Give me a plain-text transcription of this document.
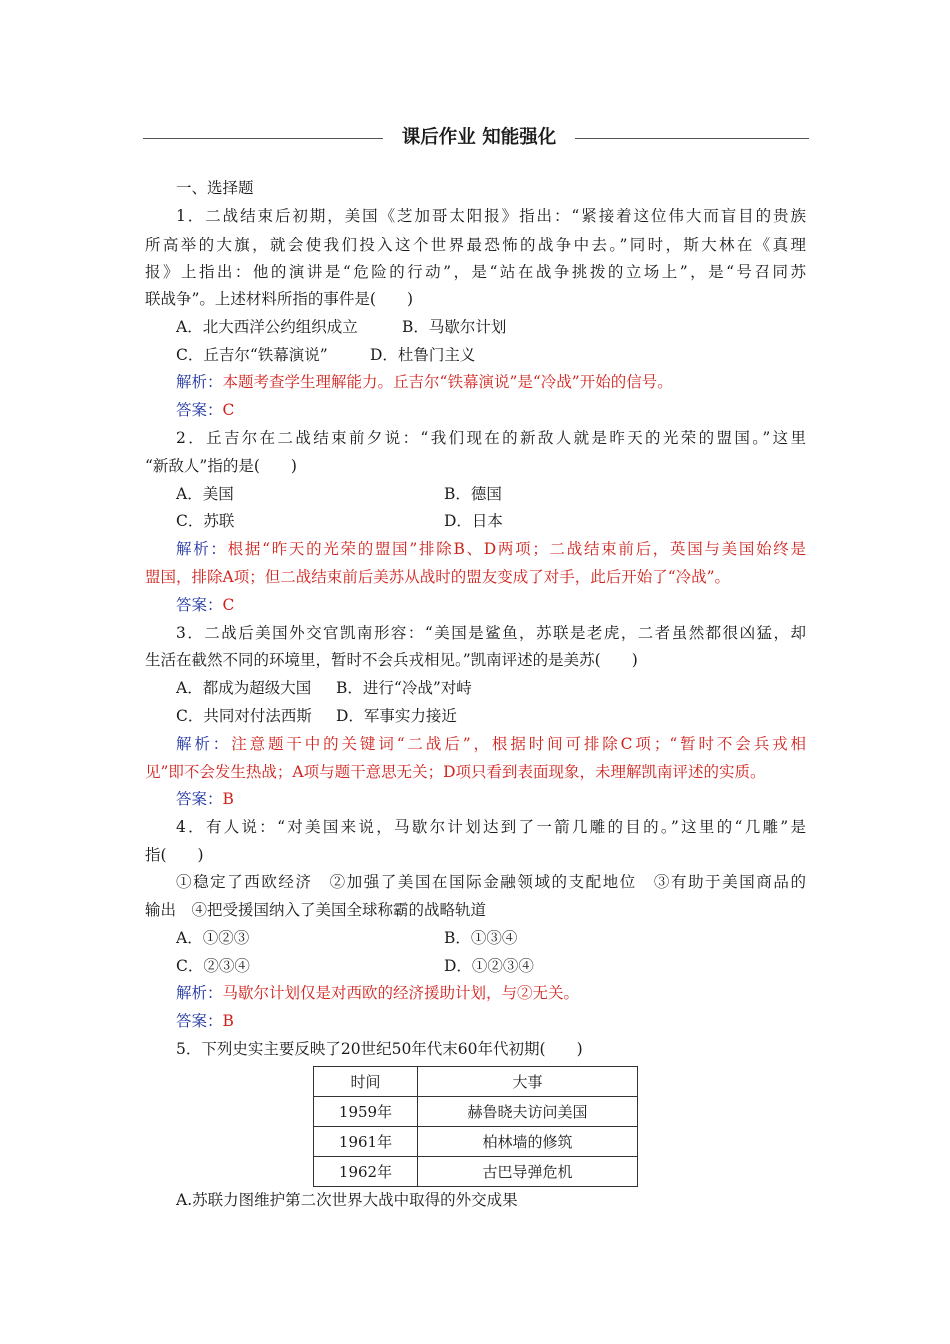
课后作业 知能强化
一、选择题
1．二战结束后初期，美国《芝加哥太阳报》指出：“紧接着这位伟大而盲目的贵族
所高举的大旗，就会使我们投入这个世界最恐怖的战争中去。”同时，斯大林在《真理
报》上指出：他的演讲是“危险的行动”，是“站在战争挑拨的立场上”，是“号召同苏
联战争”。上述材料所指的事件是(　　)
A．北大西洋公约组织成立	B．马歇尔计划
C．丘吉尔“铁幕演说”	D．杜鲁门主义
解析：本题考查学生理解能力。丘吉尔“铁幕演说”是“冷战”开始的信号。
答案：C
2．丘吉尔在二战结束前夕说：“我们现在的新敌人就是昨天的光荣的盟国。”这里
“新敌人”指的是(　　)
A．美国	B．德国
C．苏联	D．日本
解析：根据“昨天的光荣的盟国”排除B、D两项；二战结束前后，英国与美国始终是
盟国，排除A项；但二战结束前后美苏从战时的盟友变成了对手，此后开始了“冷战”。
答案：C
3．二战后美国外交官凯南形容：“美国是鲨鱼，苏联是老虎，二者虽然都很凶猛，却
生活在截然不同的环境里，暂时不会兵戎相见。”凯南评述的是美苏(　　)
A．都成为超级大国 B．进行“冷战”对峙
C．共同对付法西斯 D．军事实力接近
解析：注意题干中的关键词“二战后”，根据时间可排除C项；“暂时不会兵戎相
见”即不会发生热战；A项与题干意思无关；D项只看到表面现象，未理解凯南评述的实质。
答案：B
4．有人说：“对美国来说，马歇尔计划达到了一箭几雕的目的。”这里的“几雕”是
指(　　)
①稳定了西欧经济　②加强了美国在国际金融领域的支配地位　③有助于美国商品的
输出　④把受援国纳入了美国全球称霸的战略轨道
A．①②③	B．①③④
C．②③④	D．①②③④
解析：马歇尔计划仅是对西欧的经济援助计划，与②无关。
答案：B
5．下列史实主要反映了20世纪50年代末60年代初期(　　)
时间	大事
1959年	赫鲁晓夫访问美国
1961年	柏林墙的修筑
1962年	古巴导弹危机
A.苏联力图维护第二次世界大战中取得的外交成果
